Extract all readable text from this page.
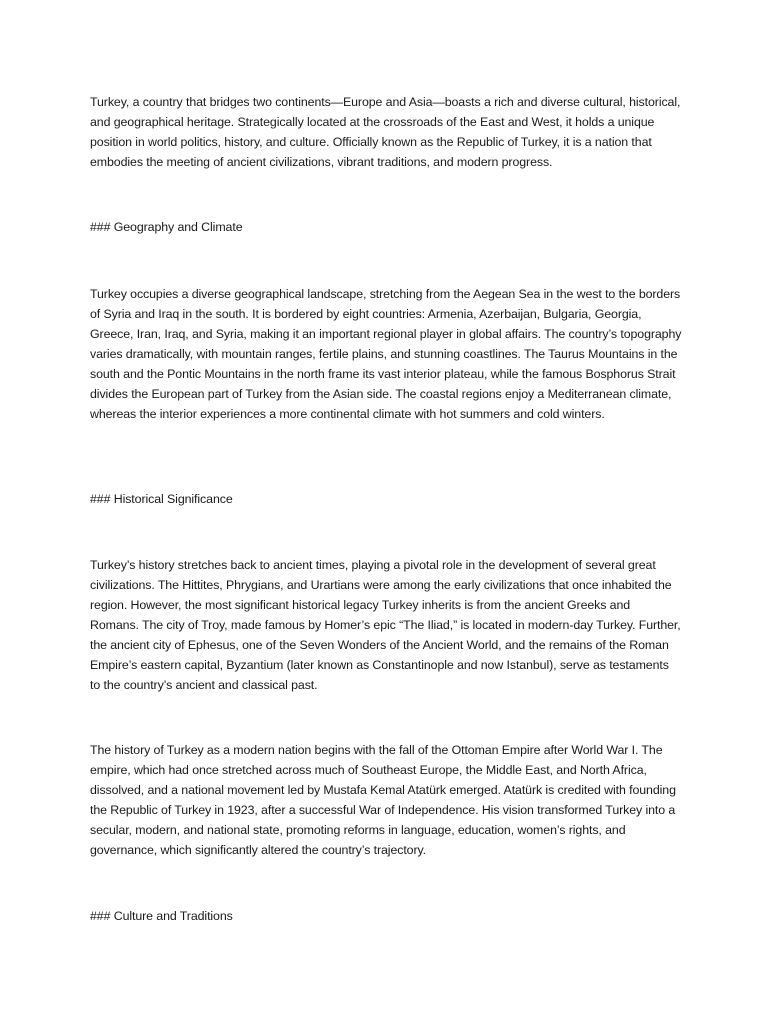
Turkey, a country that bridges two continents—Europe and Asia—boasts a rich and diverse cultural, historical, and geographical heritage. Strategically located at the crossroads of the East and West, it holds a unique position in world politics, history, and culture. Officially known as the Republic of Turkey, it is a nation that embodies the meeting of ancient civilizations, vibrant traditions, and modern progress.

### Geography and Climate

Turkey occupies a diverse geographical landscape, stretching from the Aegean Sea in the west to the borders of Syria and Iraq in the south. It is bordered by eight countries: Armenia, Azerbaijan, Bulgaria, Georgia, Greece, Iran, Iraq, and Syria, making it an important regional player in global affairs. The country’s topography varies dramatically, with mountain ranges, fertile plains, and stunning coastlines. The Taurus Mountains in the south and the Pontic Mountains in the north frame its vast interior plateau, while the famous Bosphorus Strait divides the European part of Turkey from the Asian side. The coastal regions enjoy a Mediterranean climate, whereas the interior experiences a more continental climate with hot summers and cold winters.

### Historical Significance

Turkey’s history stretches back to ancient times, playing a pivotal role in the development of several great civilizations. The Hittites, Phrygians, and Urartians were among the early civilizations that once inhabited the region. However, the most significant historical legacy Turkey inherits is from the ancient Greeks and Romans. The city of Troy, made famous by Homer’s epic “The Iliad,” is located in modern-day Turkey. Further, the ancient city of Ephesus, one of the Seven Wonders of the Ancient World, and the remains of the Roman Empire’s eastern capital, Byzantium (later known as Constantinople and now Istanbul), serve as testaments to the country’s ancient and classical past.

The history of Turkey as a modern nation begins with the fall of the Ottoman Empire after World War I. The empire, which had once stretched across much of Southeast Europe, the Middle East, and North Africa, dissolved, and a national movement led by Mustafa Kemal Atatürk emerged. Atatürk is credited with founding the Republic of Turkey in 1923, after a successful War of Independence. His vision transformed Turkey into a secular, modern, and national state, promoting reforms in language, education, women’s rights, and governance, which significantly altered the country’s trajectory.

### Culture and Traditions
